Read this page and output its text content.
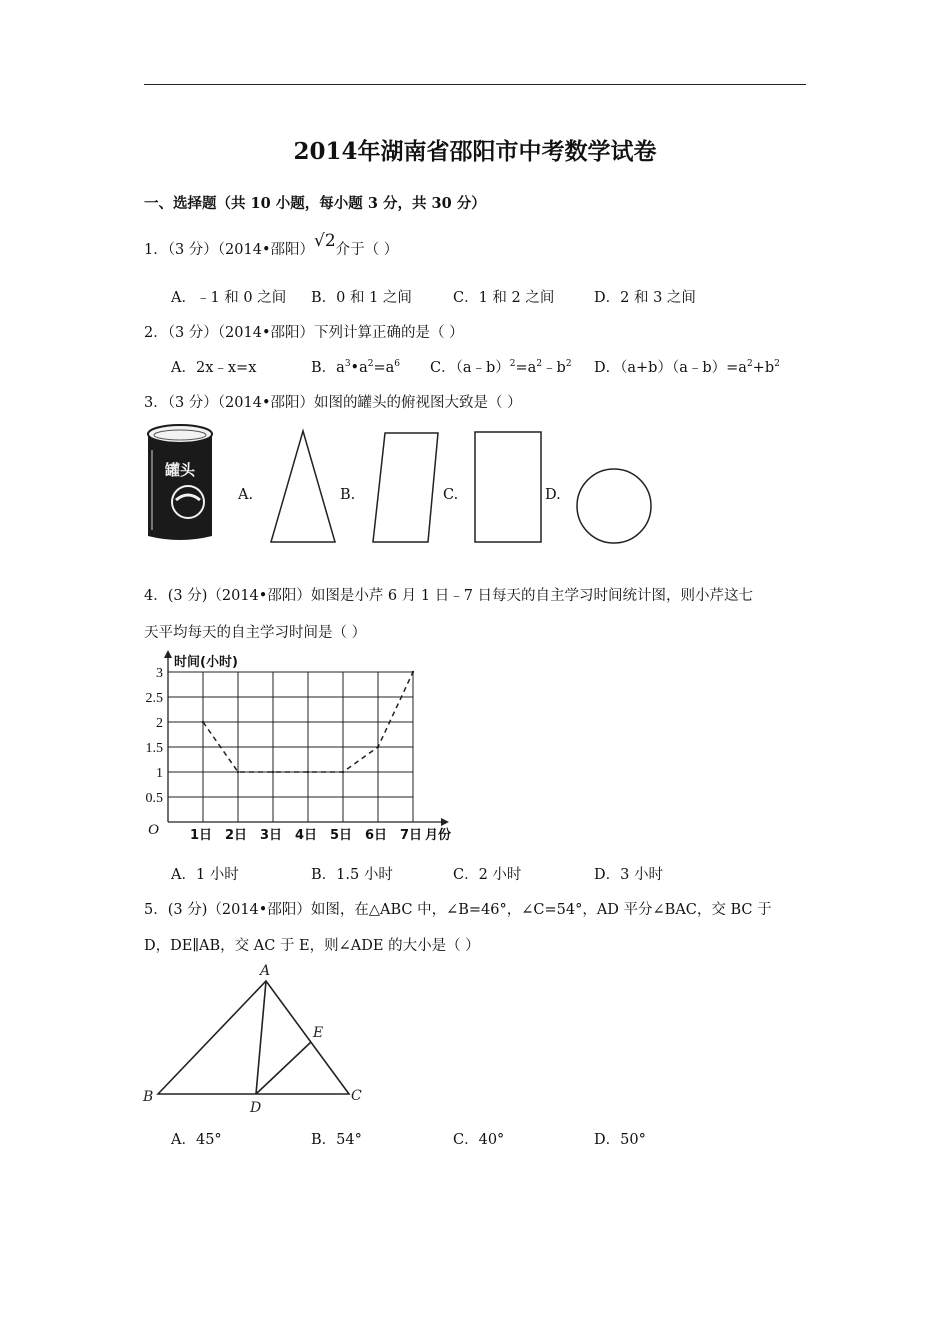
2014年湖南省邵阳市中考数学试卷
一、选择题（共 10 小题，每小题 3 分，共 30 分）
1．（3 分）（2014•邵阳）√2介于（ ）
A．﹣1 和 0 之间 B．0 和 1 之间	C．1 和 2 之间	D．2 和 3 之间
2．（3 分）（2014•邵阳）下列计算正确的是（ ）
A．2x﹣x=x	B．$a^3•a^2=a^6$ C．$(a﹣b)^2=a^2﹣b^2$ D．$(a+b)(a﹣b)=a^2+b^2$
3．（3 分）（2014•邵阳）如图的罐头的俯视图大致是（ ）
罐头
A.	B.	C.	D.
4．(3 分)（2014•邵阳）如图是小芹 6 月 1 日﹣7 日每天的自主学习时间统计图，则小芹这七
天平均每天的自主学习时间是（ ）
0.5
1
1.5
2
2.5
3
1日 2日 3日 4日 5日 6日 7日
O
时间(小时)
月份
A．1 小时	B．1.5 小时	C．2 小时	D．3 小时
5．(3 分)（2014•邵阳）如图，在△ABC 中，∠B=46°，∠C=54°，AD 平分∠BAC，交 BC 于
D，DE∥AB，交 AC 于 E，则∠ADE 的大小是（ ）
A
B	C
D
E
A．45°	B．54°	C．40°	D．50°
